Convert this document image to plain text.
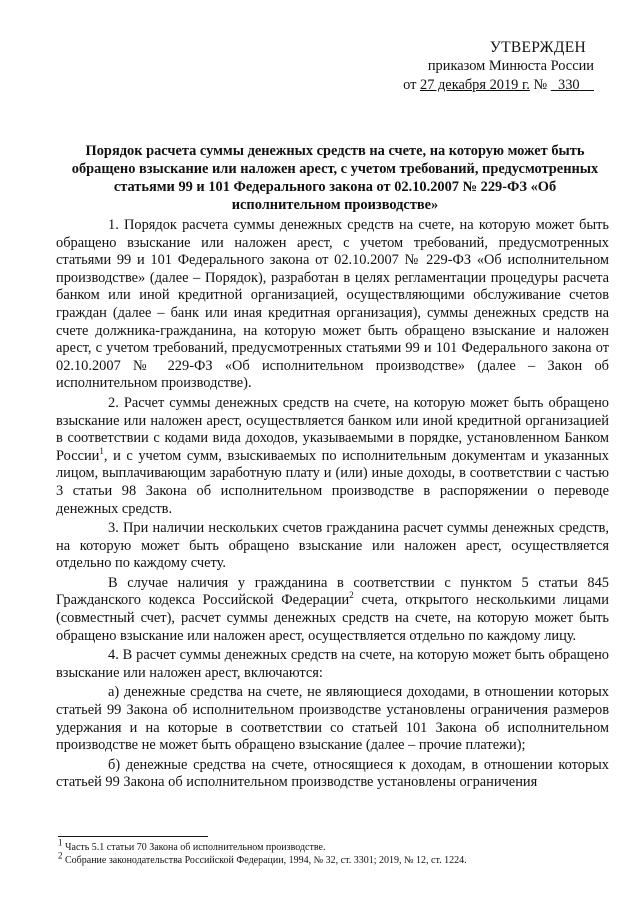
УТВЕРЖДЕН
приказом Минюста России
от 27 декабря 2019 г. № 330
Порядок расчета суммы денежных средств на счете, на которую может быть обращено взыскание или наложен арест, с учетом требований, предусмотренных статьями 99 и 101 Федерального закона от 02.10.2007 № 229-ФЗ «Об исполнительном производстве»

1. Порядок расчета суммы денежных средств на счете, на которую может быть обращено взыскание или наложен арест, с учетом требований, предусмотренных статьями 99 и 101 Федерального закона от 02.10.2007 № 229-ФЗ «Об исполнительном производстве» (далее – Порядок), разработан в целях регламентации процедуры расчета банком или иной кредитной организацией, осуществляющими обслуживание счетов граждан (далее – банк или иная кредитная организация), суммы денежных средств на счете должника-гражданина, на которую может быть обращено взыскание и наложен арест, с учетом требований, предусмотренных статьями 99 и 101 Федерального закона от 02.10.2007 № 229-ФЗ «Об исполнительном производстве» (далее – Закон об исполнительном производстве).

2. Расчет суммы денежных средств на счете, на которую может быть обращено взыскание или наложен арест, осуществляется банком или иной кредитной организацией в соответствии с кодами вида доходов, указываемыми в порядке, установленном Банком России$^1$, и с учетом сумм, взыскиваемых по исполнительным документам и указанных лицом, выплачивающим заработную плату и (или) иные доходы, в соответствии с частью 3 статьи 98 Закона об исполнительном производстве в распоряжении о переводе денежных средств.

3. При наличии нескольких счетов гражданина расчет суммы денежных средств, на которую может быть обращено взыскание или наложен арест, осуществляется отдельно по каждому счету.

В случае наличия у гражданина в соответствии с пунктом 5 статьи 845 Гражданского кодекса Российской Федерации$^2$ счета, открытого несколькими лицами (совместный счет), расчет суммы денежных средств на счете, на которую может быть обращено взыскание или наложен арест, осуществляется отдельно по каждому лицу.

4. В расчет суммы денежных средств на счете, на которую может быть обращено взыскание или наложен арест, включаются:

а) денежные средства на счете, не являющиеся доходами, в отношении которых статьей 99 Закона об исполнительном производстве установлены ограничения размеров удержания и на которые в соответствии со статьей 101 Закона об исполнительном производстве не может быть обращено взыскание (далее – прочие платежи);

б) денежные средства на счете, относящиеся к доходам, в отношении которых статьей 99 Закона об исполнительном производстве установлены ограничения

$^1$ Часть 5.1 статьи 70 Закона об исполнительном производстве.
$^2$ Собрание законодательства Российской Федерации, 1994, № 32, ст. 3301; 2019, № 12, ст. 1224.
